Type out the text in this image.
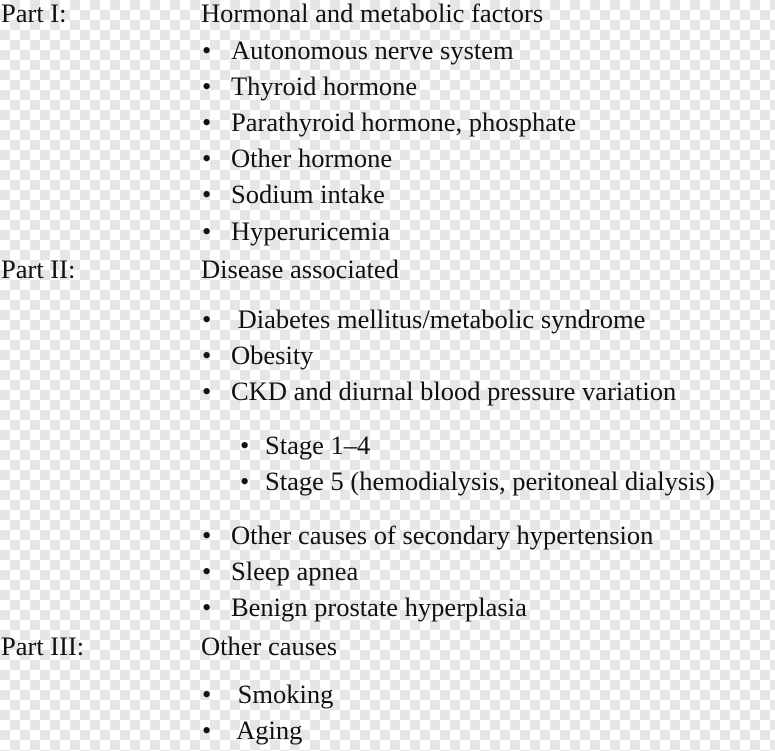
Part I:	Hormonal and metabolic factors
• Autonomous nerve system
• Thyroid hormone
• Parathyroid hormone, phosphate
• Other hormone
• Sodium intake
• Hyperuricemia
Part II:	Disease associated
• Diabetes mellitus/metabolic syndrome
• Obesity
• CKD and diurnal blood pressure variation
• Stage 1–4
• Stage 5 (hemodialysis, peritoneal dialysis)
• Other causes of secondary hypertension
• Sleep apnea
• Benign prostate hyperplasia
Part III:	Other causes
• Smoking
• Aging
